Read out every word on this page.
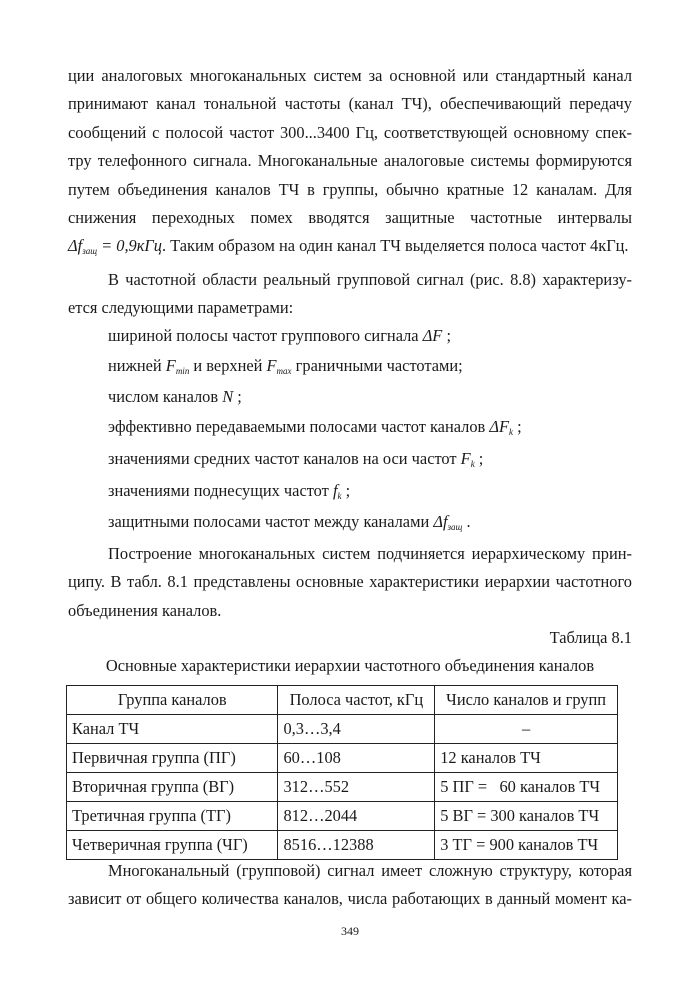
ции аналоговых многоканальных систем за основной или стандартный канал
принимают канал тональной частоты (канал ТЧ), обеспечивающий передачу
сообщений с полосой частот 300...3400 Гц, соответствующей основному спек-
тру телефонного сигнала. Многоканальные аналоговые системы формируются
путем объединения каналов ТЧ в группы, обычно кратные 12 каналам. Для
снижения переходных помех вводятся защитные частотные интервалы
$\Delta f_{защ} = 0,9кГц$. Таким образом на один канал ТЧ выделяется полоса частот 4кГц.
В частотной области реальный групповой сигнал (рис. 8.8) характеризу-
ется следующими параметрами:

шириной полосы частот группового сигнала ΔF ;

нижней $F_{min}$ и верхней $F_{max}$ граничными частотами;

числом каналов N ;

эффективно передаваемыми полосами частот каналов $\Delta F_k$ ;

значениями средних частот каналов на оси частот $F_k$ ;

значениями поднесущих частот $f_k$ ;

защитными полосами частот между каналами $\Delta f_{защ}$ .

Построение многоканальных систем подчиняется иерархическому прин-
ципу. В табл. 8.1 представлены основные характеристики иерархии частотного
объединения каналов.

Таблица 8.1

Основные характеристики иерархии частотного объединения каналов

Группа каналов	Полоса частот, кГц	Число каналов и групп
Канал ТЧ	0,3…3,4	–
Первичная группа (ПГ)	60…108	12 каналов ТЧ
Вторичная группа (ВГ)	312…552	5 ПГ =   60 каналов ТЧ
Третичная группа (ТГ)	812…2044	5 ВГ = 300 каналов ТЧ
Четверичная группа (ЧГ)	8516…12388	3 ТГ = 900 каналов ТЧ
Многоканальный (групповой) сигнал имеет сложную структуру, которая
зависит от общего количества каналов, числа работающих в данный момент ка-

349
